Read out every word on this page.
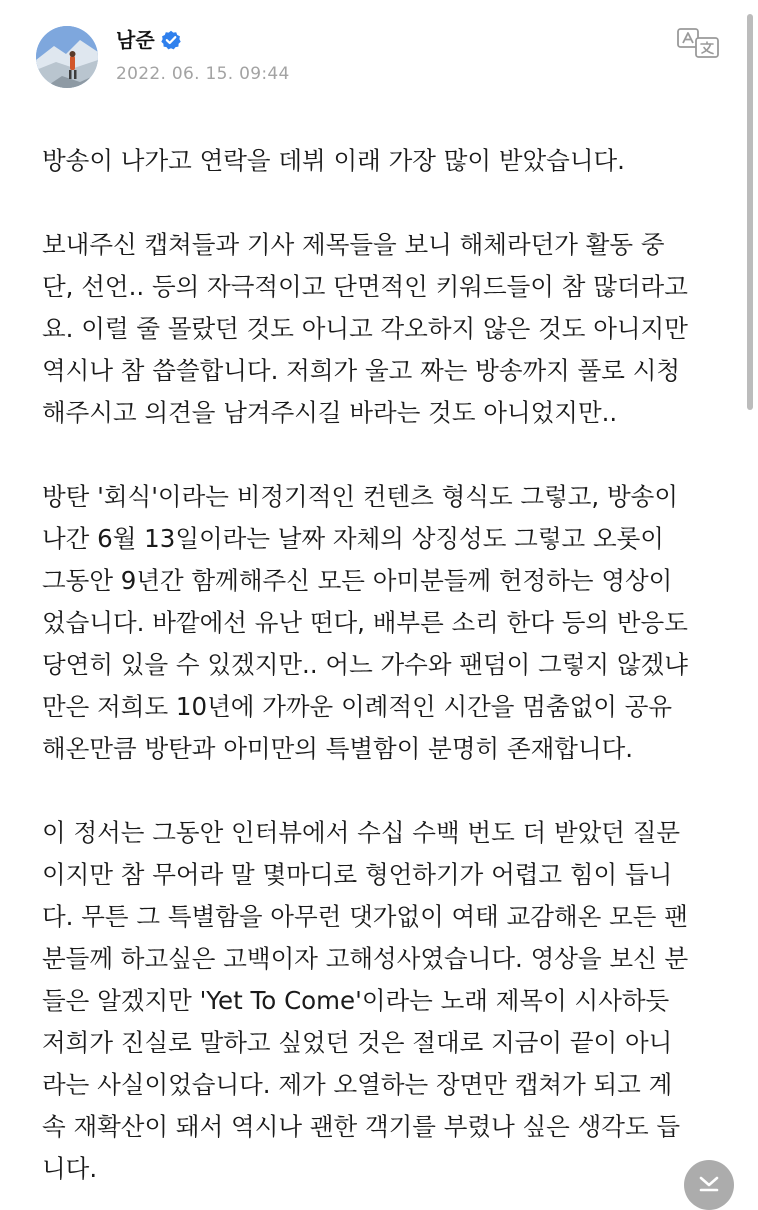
남준
2022. 06. 15. 09:44

방송이 나가고 연락을 데뷔 이래 가장 많이 받았습니다.

보내주신 캡쳐들과 기사 제목들을 보니 해체라던가 활동 중
단, 선언.. 등의 자극적이고 단면적인 키워드들이 참 많더라고
요. 이럴 줄 몰랐던 것도 아니고 각오하지 않은 것도 아니지만
역시나 참 씁쓸합니다. 저희가 울고 짜는 방송까지 풀로 시청
해주시고 의견을 남겨주시길 바라는 것도 아니었지만..

방탄 '회식'이라는 비정기적인 컨텐츠 형식도 그렇고, 방송이
나간 6월 13일이라는 날짜 자체의 상징성도 그렇고 오롯이
그동안 9년간 함께해주신 모든 아미분들께 헌정하는 영상이
었습니다. 바깥에선 유난 떤다, 배부른 소리 한다 등의 반응도
당연히 있을 수 있겠지만.. 어느 가수와 팬덤이 그렇지 않겠냐
만은 저희도 10년에 가까운 이례적인 시간을 멈춤없이 공유
해온만큼 방탄과 아미만의 특별함이 분명히 존재합니다.

이 정서는 그동안 인터뷰에서 수십 수백 번도 더 받았던 질문
이지만 참 무어라 말 몇마디로 형언하기가 어렵고 힘이 듭니
다. 무튼 그 특별함을 아무런 댓가없이 여태 교감해온 모든 팬
분들께 하고싶은 고백이자 고해성사였습니다. 영상을 보신 분
들은 알겠지만 'Yet To Come'이라는 노래 제목이 시사하듯
저희가 진실로 말하고 싶었던 것은 절대로 지금이 끝이 아니
라는 사실이었습니다. 제가 오열하는 장면만 캡쳐가 되고 계
속 재확산이 돼서 역시나 괜한 객기를 부렸나 싶은 생각도 듭
니다.
